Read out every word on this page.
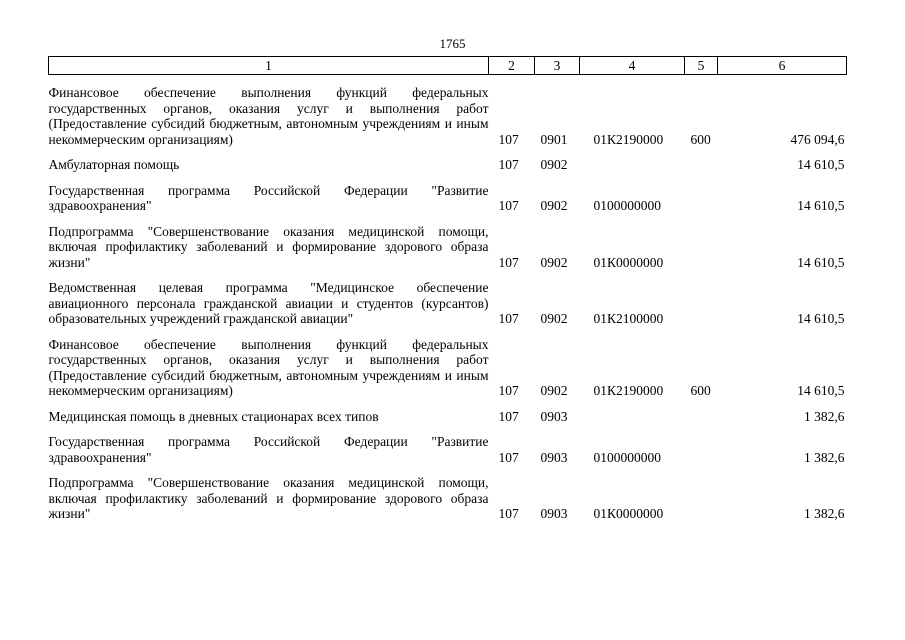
1765
1	2	3	4	5	6

Финансовое обеспечение выполнения функций федеральных государственных органов, оказания услуг и выполнения работ (Предоставление субсидий бюджетным, автономным учреждениям и иным некоммерческим организациям)	107	0901	01К2190000	600	476 094,6

Амбулаторная помощь	107	0902			14 610,5

Государственная программа Российской Федерации "Развитие здравоохранения"	107	0902	0100000000		14 610,5

Подпрограмма "Совершенствование оказания медицинской помощи, включая профилактику заболеваний и формирование здорового образа жизни"	107	0902	01К0000000		14 610,5

Ведомственная целевая программа "Медицинское обеспечение авиационного персонала гражданской авиации и студентов (курсантов) образовательных учреждений гражданской авиации"	107	0902	01К2100000		14 610,5

Финансовое обеспечение выполнения функций федеральных государственных органов, оказания услуг и выполнения работ (Предоставление субсидий бюджетным, автономным учреждениям и иным некоммерческим организациям)	107	0902	01К2190000	600	14 610,5

Медицинская помощь в дневных стационарах всех типов	107	0903			1 382,6

Государственная программа Российской Федерации "Развитие здравоохранения"	107	0903	0100000000		1 382,6

Подпрограмма "Совершенствование оказания медицинской помощи, включая профилактику заболеваний и формирование здорового образа жизни"	107	0903	01К0000000		1 382,6
